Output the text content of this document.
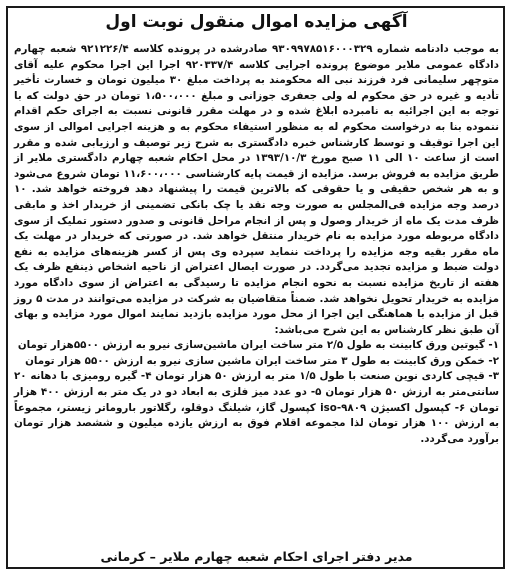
آگهی مزایده اموال منقول نوبت اول

به موجب دادنامه شماره ۹۳۰۹۹۷۸۵۱۶۰۰۰۳۲۹ صادرشده در پرونده کلاسه ۹۲۱۲۲۶/۴ شعبه چهارم دادگاه عمومی ملایر موضوع پرونده اجرایی کلاسه ۹۲۰۳۳۷/۴ اجرا این اجرا محکوم علیه آقای متوچهر سلیمانی فرد فرزند نبی اله محکومند به پرداخت مبلغ ۳۰ میلیون تومان و خسارت تأخیر تأدیه و غیره در حق محکوم له ولی جعفری جوزانی و مبلغ ۱،۵۰۰،۰۰۰ تومان در حق دولت که با توجه به این اجرائیه به نامبرده ابلاغ شده و در مهلت مقرر قانونی نسبت به اجرای حکم اقدام ننموده بنا به درخواست محکوم له به منظور استیفاء محکوم به و هزینه اجرایی اموالی از سوی این اجرا توقیف و توسط کارشناس خبره دادگستری به شرح زیر توصیف و ارزیابی شده و مقرر است از ساعت ۱۰ الی ۱۱ صبح مورخ ۱۳۹۳/۱۰/۳ در محل احکام شعبه چهارم دادگستری ملایر از طریق مزایده به فروش برسد. مزایده از قیمت پایه کارشناسی ۱۱،۶۰۰،۰۰۰ تومان شروع می‌شود و به هر شخص حقیقی و یا حقوقی که بالاترین قیمت را پیشنهاد دهد فروخته خواهد شد. ۱۰ درصد وجه مزایده فی‌المجلس به صورت وجه نقد یا چک بانکی تضمینی از خریدار اخذ و مابقی ظرف مدت یک ماه از خریدار وصول و پس از انجام مراحل قانونی و صدور دستور تملیک از سوی دادگاه مربوطه مورد مزایده به نام خریدار منتقل خواهد شد. در صورتی که خریدار در مهلت یک ماه مقرر بقیه وجه مزایده را پرداخت ننماید سپرده وی پس از کسر هزینه‌های مزایده به نفع دولت ضبط و مزایده تجدید می‌گردد. در صورت ایصال اعتراض از ناحیه اشخاص ذینفع ظرف یک هفته از تاریخ مزایده نسبت به نحوه انجام مزایده تا رسیدگی به اعتراض از سوی دادگاه مورد مزایده به خریدار تحویل نخواهد شد. ضمناً متقاضیان به شرکت در مزایده می‌توانند در مدت ۵ روز قبل از مزایده با هماهنگی این اجرا از محل مورد مزایده بازدید نمایند اموال مورد مزایده و بهای آن طبق نظر کارشناس به این شرح می‌باشد:

۱- گیوتین ورق کابینت به طول ۲/۵ متر ساخت ایران ماشین‌سازی نیرو به ارزش ۵۵۰۰هزار تومان
۲- خمکن ورق کابینت به طول ۳ متر ساخت ایران ماشین سازی نیرو به ارزش ۵۵۰۰ هزار تومان
۳- قیچی کاردی نوین صنعت با طول ۱/۵ متر به ارزش ۵۰ هزار تومان ۴- گیره رومیزی با دهانه ۲۰ سانتی‌متر به ارزش ۵۰ هزار تومان ۵- دو عدد میز فلزی به ابعاد دو در یک متر به ارزش ۴۰۰ هزار تومان ۶- کپسول اکسیژن iso-۹۸۰۹ کپسول گاز، شیلنگ دوقلو، رگلاتور باروماتر زیستر، مجموعاً به ارزش ۱۰۰ هزار تومان لذا مجموعه اقلام فوق به ارزش یازده میلیون و ششصد هزار تومان برآورد می‌گردد.
مدیر دفتر اجرای احکام شعبه چهارم ملایر – کرمانی
